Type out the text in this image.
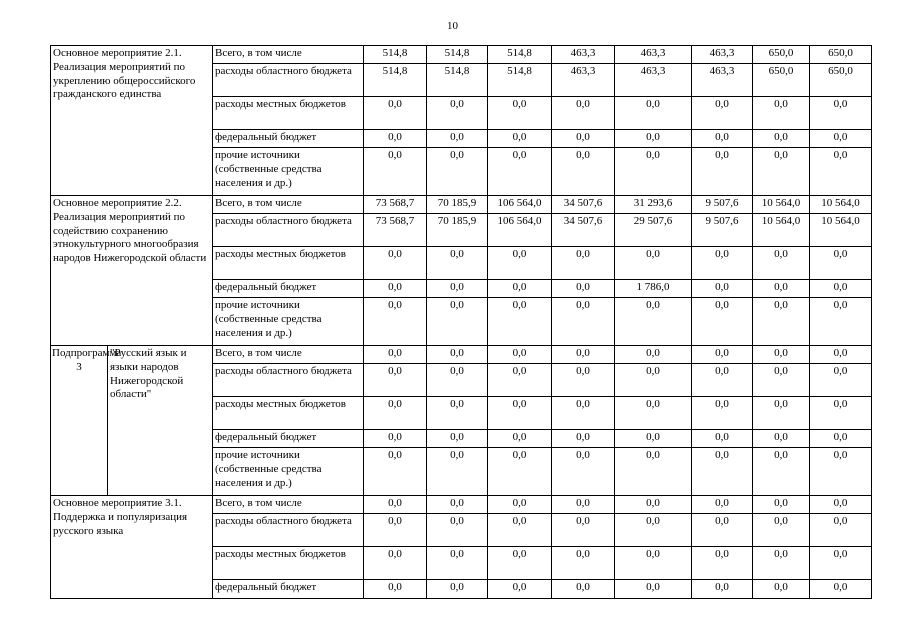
10
Основное мероприятие 2.1. Реализация мероприятий по укреплению общероссийского гражданского единства		Всего, в том числе	514,8	514,8	514,8	463,3	463,3	463,3	650,0	650,0
		расходы областного бюджета	514,8	514,8	514,8	463,3	463,3	463,3	650,0	650,0
		расходы местных бюджетов	0,0	0,0	0,0	0,0	0,0	0,0	0,0	0,0
		федеральный бюджет	0,0	0,0	0,0	0,0	0,0	0,0	0,0	0,0
		прочие источники (собственные средства населения и др.)	0,0	0,0	0,0	0,0	0,0	0,0	0,0	0,0
Основное мероприятие 2.2. Реализация мероприятий по содействию сохранению этнокультурного многообразия народов Нижегородской области		Всего, в том числе	73 568,7	70 185,9	106 564,0	34 507,6	31 293,6	9 507,6	10 564,0	10 564,0
		расходы областного бюджета	73 568,7	70 185,9	106 564,0	34 507,6	29 507,6	9 507,6	10 564,0	10 564,0
		расходы местных бюджетов	0,0	0,0	0,0	0,0	0,0	0,0	0,0	0,0
		федеральный бюджет	0,0	0,0	0,0	0,0	1 786,0	0,0	0,0	0,0
		прочие источники (собственные средства населения и др.)	0,0	0,0	0,0	0,0	0,0	0,0	0,0	0,0
Подпрограмма 3	"Русский язык и языки народов Нижегородской области"	Всего, в том числе	0,0	0,0	0,0	0,0	0,0	0,0	0,0	0,0
		расходы областного бюджета	0,0	0,0	0,0	0,0	0,0	0,0	0,0	0,0
		расходы местных бюджетов	0,0	0,0	0,0	0,0	0,0	0,0	0,0	0,0
		федеральный бюджет	0,0	0,0	0,0	0,0	0,0	0,0	0,0	0,0
		прочие источники (собственные средства населения и др.)	0,0	0,0	0,0	0,0	0,0	0,0	0,0	0,0
Основное мероприятие 3.1. Поддержка и популяризация русского языка		Всего, в том числе	0,0	0,0	0,0	0,0	0,0	0,0	0,0	0,0
		расходы областного бюджета	0,0	0,0	0,0	0,0	0,0	0,0	0,0	0,0
		расходы местных бюджетов	0,0	0,0	0,0	0,0	0,0	0,0	0,0	0,0
		федеральный бюджет	0,0	0,0	0,0	0,0	0,0	0,0	0,0	0,0
